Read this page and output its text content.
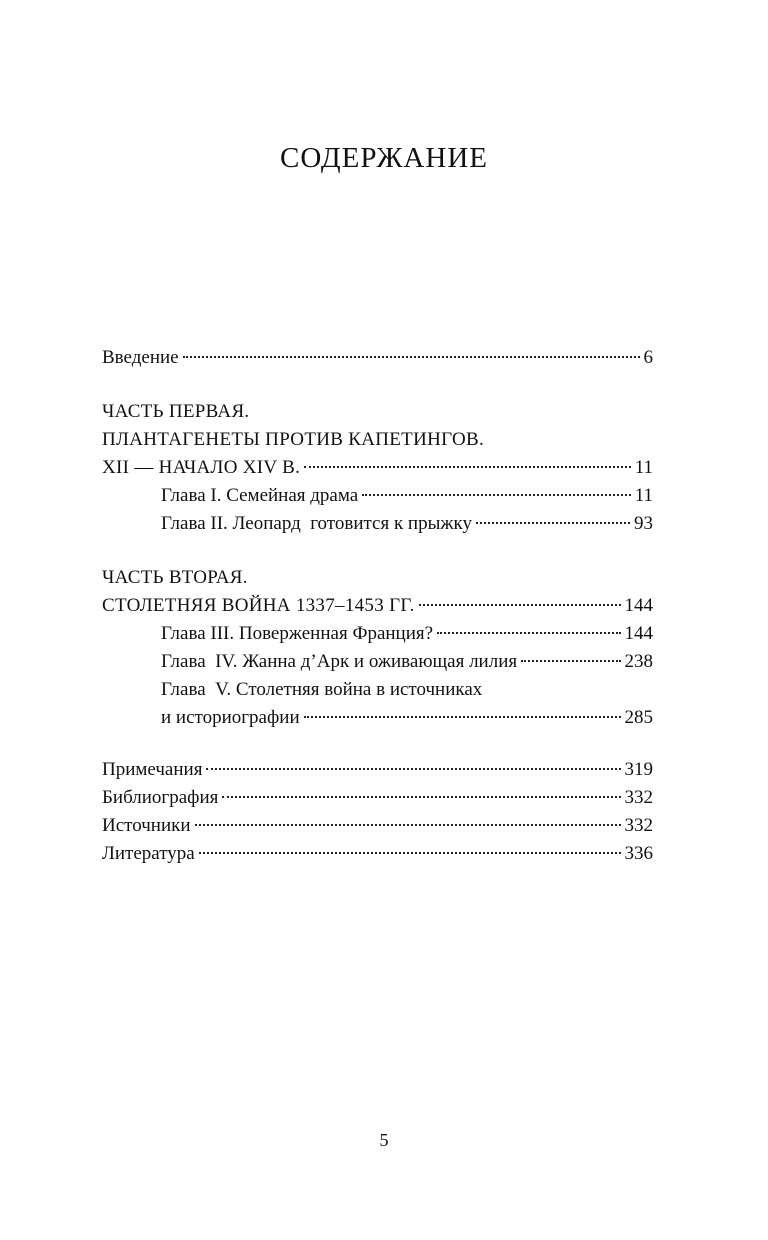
СОДЕРЖАНИЕ
Введение	6
ЧАСТЬ ПЕРВАЯ.
ПЛАНТАГЕНЕТЫ ПРОТИВ КАПЕТИНГОВ.
XII — НАЧАЛО XIV В.	11
Глава I. Семейная драма	11
Глава II. Леопард  готовится к прыжку	93
ЧАСТЬ ВТОРАЯ.
СТОЛЕТНЯЯ ВОЙНА 1337–1453 ГГ.	144
Глава III. Поверженная Франция?	144
Глава  IV. Жанна д’Арк и оживающая лилия	238
Глава  V. Столетняя война в источниках
и историографии	285
Примечания	319
Библиография	332
Источники	332
Литература	336
5
